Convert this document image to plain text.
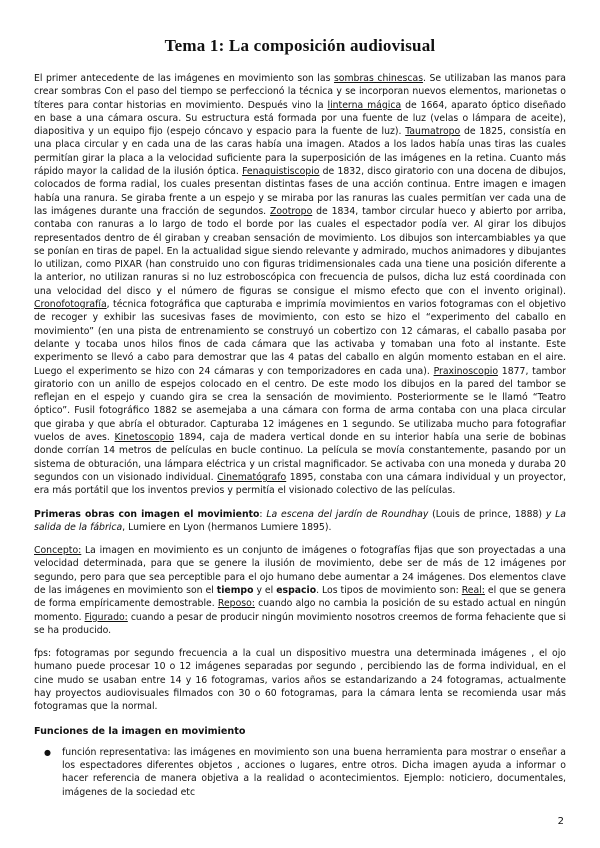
Tema 1: La composición audiovisual

El primer antecedente de las imágenes en movimiento son las sombras chinescas. Se utilizaban las manos para crear sombras Con el paso del tiempo se perfeccionó la técnica y se incorporan nuevos elementos, marionetas o títeres para contar historias en movimiento. Después vino la linterna mágica de 1664, aparato óptico diseñado en base a una cámara oscura. Su estructura está formada por una fuente de luz (velas o lámpara de aceite), diapositiva y un equipo fijo (espejo cóncavo y espacio para la fuente de luz). Taumatropo de 1825, consistía en una placa circular y en cada una de las caras había una imagen. Atados a los lados había unas tiras las cuales permitían girar la placa a la velocidad suficiente para la superposición de las imágenes en la retina. Cuanto más rápido mayor la calidad de la ilusión óptica. Fenaquistiscopio de 1832, disco giratorio con una docena de dibujos, colocados de forma radial, los cuales presentan distintas fases de una acción continua. Entre imagen e imagen había una ranura. Se giraba frente a un espejo y se miraba por las ranuras las cuales permitían ver cada una de las imágenes durante una fracción de segundos. Zootropo de 1834, tambor circular hueco y abierto por arriba, contaba con ranuras a lo largo de todo el borde por las cuales el espectador podía ver. Al girar los dibujos representados dentro de él giraban y creaban sensación de movimiento. Los dibujos son intercambiables ya que se ponían en tiras de papel. En la actualidad sigue siendo relevante y admirado, muchos animadores y dibujantes lo utilizan, como PIXAR (han construido uno con figuras tridimensionales cada una tiene una posición diferente a la anterior, no utilizan ranuras si no luz estroboscópica con frecuencia de pulsos, dicha luz está coordinada con una velocidad del disco y el número de figuras se consigue el mismo efecto que con el invento original). Cronofotografía, técnica fotográfica que capturaba e imprimía movimientos en varios fotogramas con el objetivo de recoger y exhibir las sucesivas fases de movimiento, con esto se hizo el “experimento del caballo en movimiento” (en una pista de entrenamiento se construyó un cobertizo con 12 cámaras, el caballo pasaba por delante y tocaba unos hilos finos de cada cámara que las activaba y tomaban una foto al instante. Este experimento se llevó a cabo para demostrar que las 4 patas del caballo en algún momento estaban en el aire. Luego el experimento se hizo con 24 cámaras y con temporizadores en cada una). Praxinoscopio 1877, tambor giratorio con un anillo de espejos colocado en el centro. De este modo los dibujos en la pared del tambor se reflejan en el espejo y cuando gira se crea la sensación de movimiento. Posteriormente se le llamó “Teatro óptico”. Fusil fotográfico 1882 se asemejaba a una cámara con forma de arma contaba con una placa circular que giraba y que abría el obturador. Capturaba 12 imágenes en 1 segundo. Se utilizaba mucho para fotografiar vuelos de aves. Kinetoscopio 1894, caja de madera vertical donde en su interior había una serie de bobinas donde corrían 14 metros de películas en bucle continuo. La película se movía constantemente, pasando por un sistema de obturación, una lámpara eléctrica y un cristal magnificador. Se activaba con una moneda y duraba 20 segundos con un visionado individual. Cinematógrafo 1895, constaba con una cámara individual y un proyector, era más portátil que los inventos previos y permitía el visionado colectivo de las películas.

Primeras obras con imagen el movimiento: La escena del jardín de Roundhay (Louis de prince, 1888) y La salida de la fábrica, Lumiere en Lyon (hermanos Lumiere 1895).

Concepto: La imagen en movimiento es un conjunto de imágenes o fotografías fijas que son proyectadas a una velocidad determinada, para que se genere la ilusión de movimiento, debe ser de más de 12 imágenes por segundo, pero para que sea perceptible para el ojo humano debe aumentar a 24 imágenes. Dos elementos clave de las imágenes en movimiento son el tiempo y el espacio. Los tipos de movimiento son: Real: el que se genera de forma empíricamente demostrable. Reposo: cuando algo no cambia la posición de su estado actual en ningún momento. Figurado: cuando a pesar de producir ningún movimiento nosotros creemos de forma fehaciente que si se ha producido.

fps: fotogramas por segundo frecuencia a la cual un dispositivo muestra una determinada imágenes , el ojo humano puede procesar 10 o 12 imágenes separadas por segundo , percibiendo las de forma individual, en el cine mudo se usaban entre 14 y 16 fotogramas, varios años se estandarizando a 24 fotogramas, actualmente hay proyectos audiovisuales filmados con 30 o 60 fotogramas, para la cámara lenta se recomienda usar más fotogramas que la normal.

Funciones de la imagen en movimiento
● función representativa: las imágenes en movimiento son una buena herramienta para mostrar o enseñar a los espectadores diferentes objetos , acciones o lugares, entre otros. Dicha imagen ayuda a informar o hacer referencia de manera objetiva a la realidad o acontecimientos. Ejemplo: noticiero, documentales, imágenes de la sociedad etc
2
